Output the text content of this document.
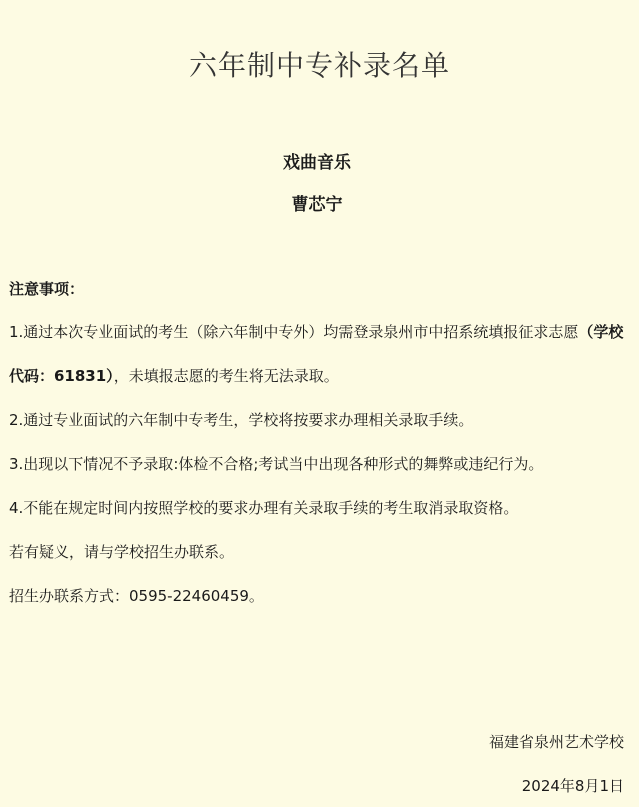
六年制中专补录名单
戏曲音乐
曹芯宁
注意事项：
1.通过本次专业面试的考生（除六年制中专外）均需登录泉州市中招系统填报征求志愿（学校代码：61831），未填报志愿的考生将无法录取。
2.通过专业面试的六年制中专考生，学校将按要求办理相关录取手续。
3.出现以下情况不予录取:体检不合格;考试当中出现各种形式的舞弊或违纪行为。
4.不能在规定时间内按照学校的要求办理有关录取手续的考生取消录取资格。
若有疑义，请与学校招生办联系。
招生办联系方式：0595-22460459。
福建省泉州艺术学校
2024年8月1日
